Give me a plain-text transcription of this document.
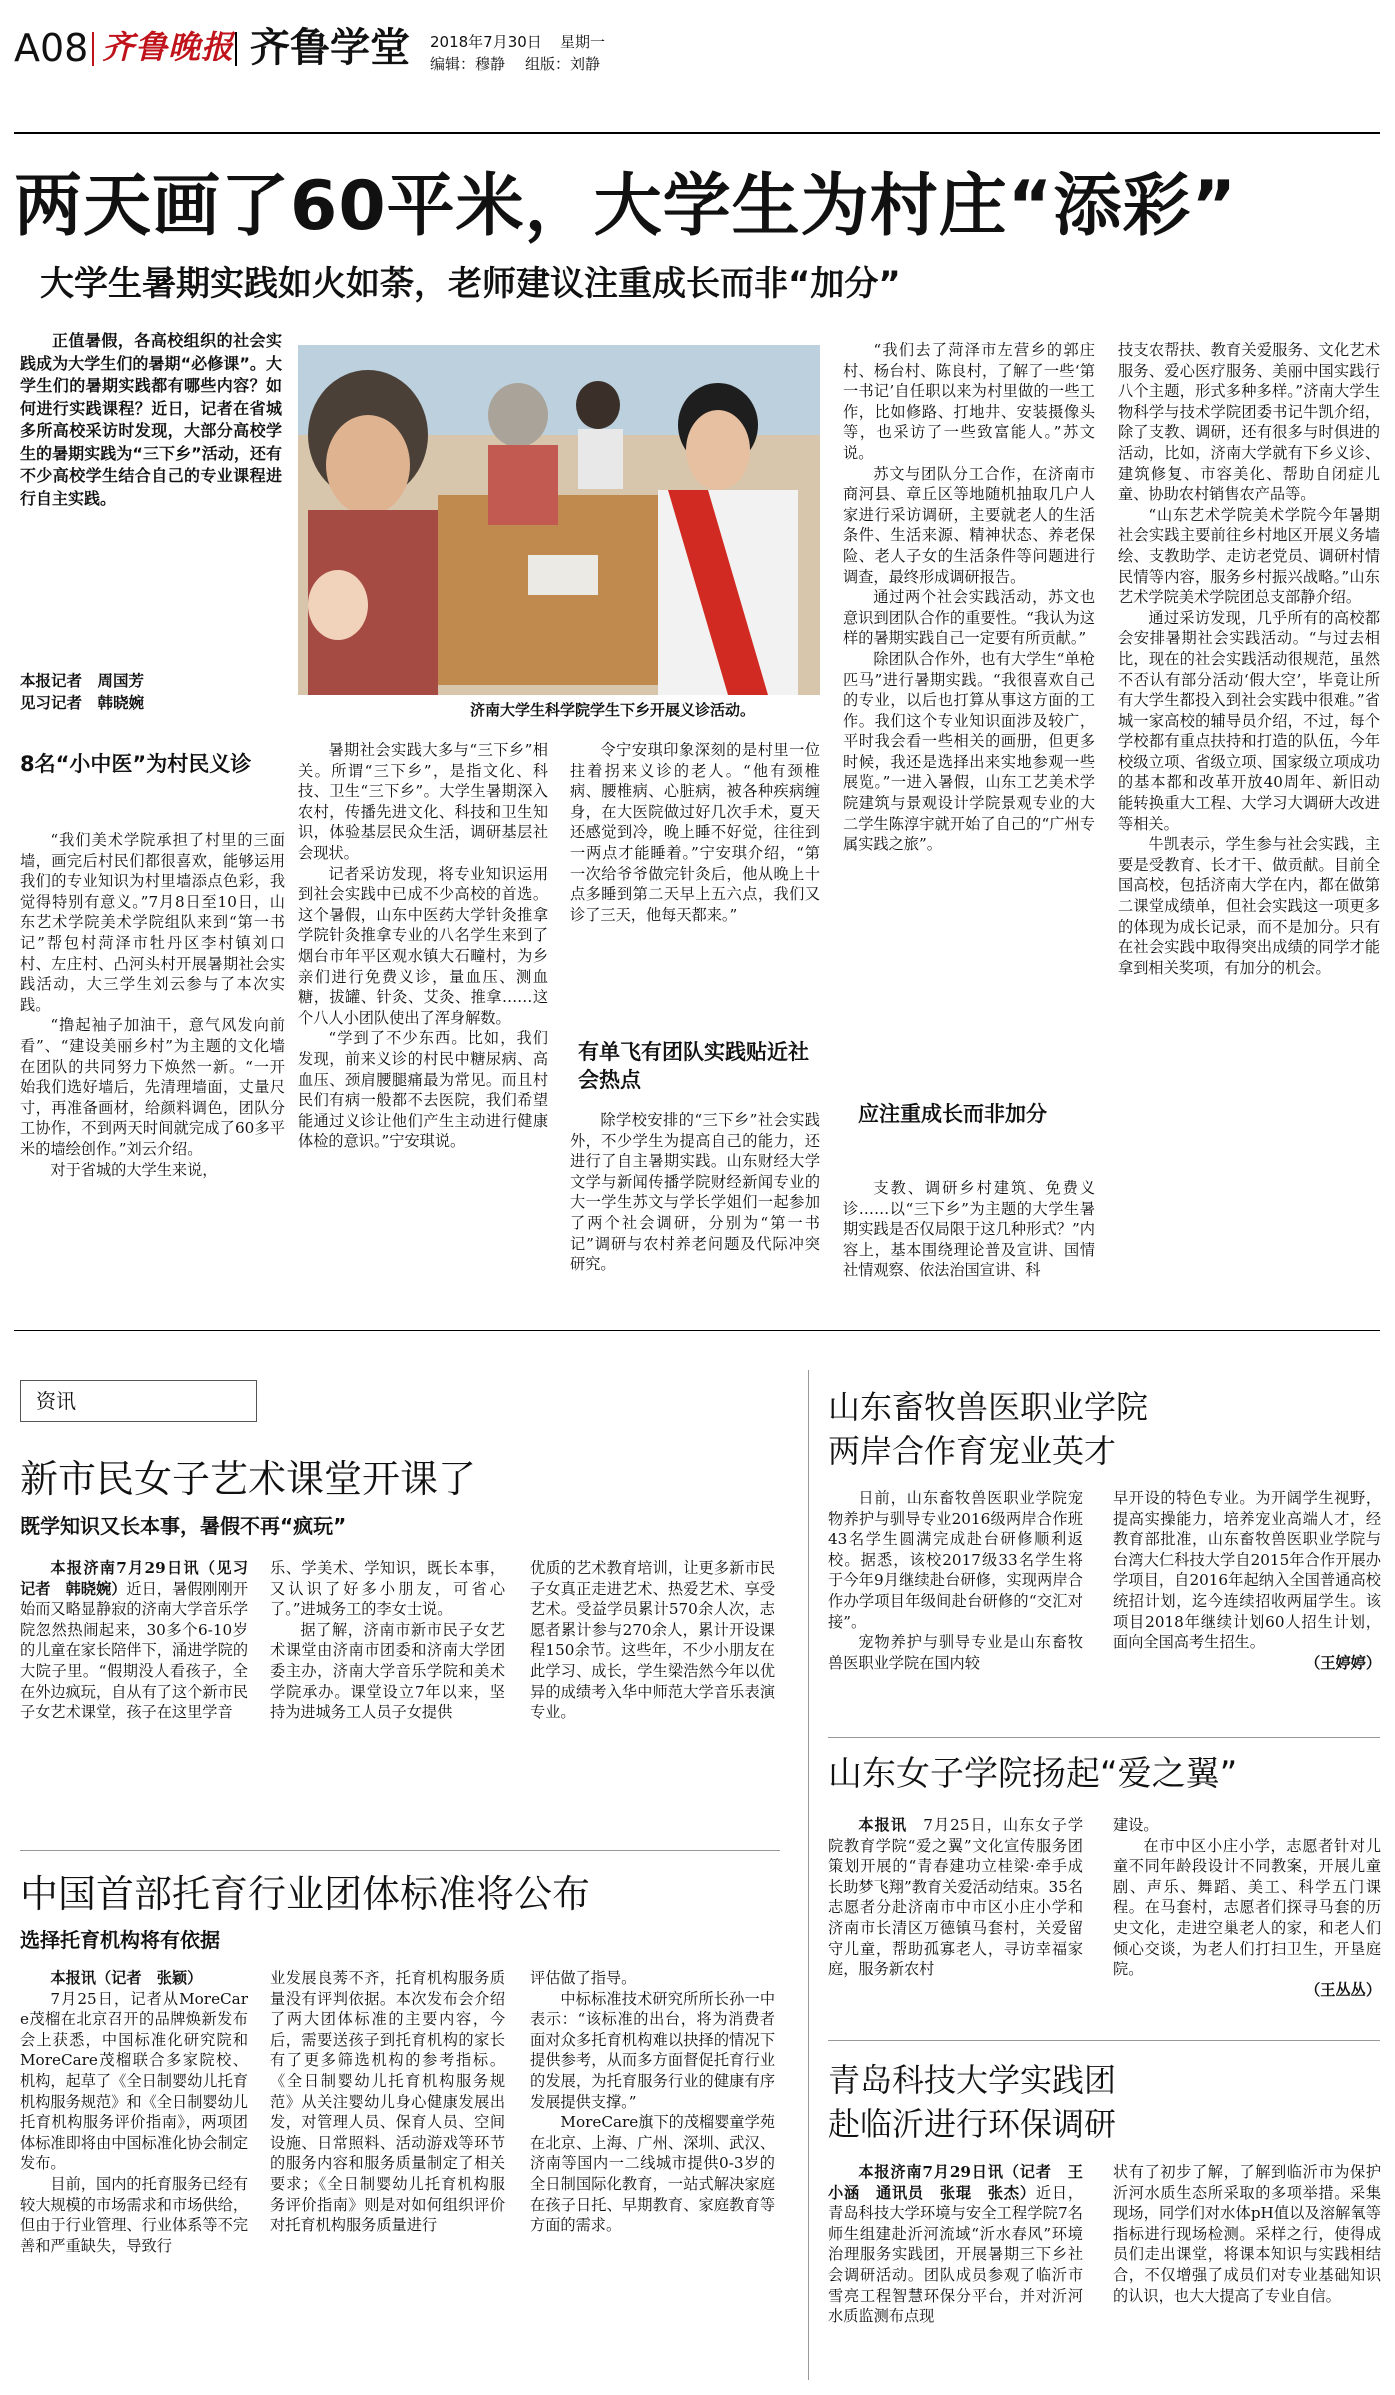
A08 齐鲁晚报 齐鲁学堂 2018年7月30日 星期一
编辑：穆静 组版：刘静
两天画了60平米，大学生为村庄“添彩”
大学生暑期实践如火如荼，老师建议注重成长而非“加分”

正值暑假，各高校组织的社会实践成为大学生们的暑期“必修课”。大学生们的暑期实践都有哪些内容？如何进行实践课程？近日，记者在省城多所高校采访时发现，大部分高校学生的暑期实践为“三下乡”活动，还有不少高校学生结合自己的专业课程进行自主实践。

本报记者　周国芳
见习记者　韩晓婉	济南大学生科学院学生下乡开展义诊活动。
8名“小中医”为村民义诊

“我们美术学院承担了村里的三面墙，画完后村民们都很喜欢，能够运用我们的专业知识为村里墙添点色彩，我觉得特别有意义。”7月8日至10日，山东艺术学院美术学院组队来到“第一书记”帮包村菏泽市牡丹区李村镇刘口村、左庄村、凸河头村开展暑期社会实践活动，大三学生刘云参与了本次实践。

“撸起袖子加油干，意气风发向前看”、“建设美丽乡村”为主题的文化墙在团队的共同努力下焕然一新。“一开始我们选好墙后，先清理墙面，丈量尺寸，再准备画材，给颜料调色，团队分工协作，不到两天时间就完成了60多平米的墙绘创作。”刘云介绍。

对于省城的大学生来说，

暑期社会实践大多与“三下乡”相关。所谓“三下乡”，是指文化、科技、卫生“三下乡”。大学生暑期深入农村，传播先进文化、科技和卫生知识，体验基层民众生活，调研基层社会现状。

记者采访发现，将专业知识运用到社会实践中已成不少高校的首选。这个暑假，山东中医药大学针灸推拿学院针灸推拿专业的八名学生来到了烟台市年平区观水镇大石疃村，为乡亲们进行免费义诊，量血压、测血糖，拔罐、针灸、艾灸、推拿……这个八人小团队使出了浑身解数。

“学到了不少东西。比如，我们发现，前来义诊的村民中糖尿病、高血压、颈肩腰腿痛最为常见。而且村民们有病一般都不去医院，我们希望能通过义诊让他们产生主动进行健康体检的意识。”宁安琪说。

令宁安琪印象深刻的是村里一位拄着拐来义诊的老人。“他有颈椎病、腰椎病、心脏病，被各种疾病缠身，在大医院做过好几次手术，夏天还感觉到冷，晚上睡不好觉，往往到一两点才能睡着。”宁安琪介绍，“第一次给爷爷做完针灸后，他从晚上十点多睡到第二天早上五六点，我们又诊了三天，他每天都来。”

有单飞有团队实践贴近社会热点

除学校安排的“三下乡”社会实践外，不少学生为提高自己的能力，还进行了自主暑期实践。山东财经大学文学与新闻传播学院财经新闻专业的大一学生苏文与学长学姐们一起参加了两个社会调研，分别为“第一书记”调研与农村养老问题及代际冲突研究。

“我们去了菏泽市左营乡的郭庄村、杨台村、陈良村，了解了一些‘第一书记’自任职以来为村里做的一些工作，比如修路、打地井、安装摄像头等，也采访了一些致富能人。”苏文说。

苏文与团队分工合作，在济南市商河县、章丘区等地随机抽取几户人家进行采访调研，主要就老人的生活条件、生活来源、精神状态、养老保险、老人子女的生活条件等问题进行调查，最终形成调研报告。

通过两个社会实践活动，苏文也意识到团队合作的重要性。“我认为这样的暑期实践自己一定要有所贡献。”

除团队合作外，也有大学生“单枪匹马”进行暑期实践。“我很喜欢自己的专业，以后也打算从事这方面的工作。我们这个专业知识面涉及较广，平时我会看一些相关的画册，但更多时候，我还是选择出来实地参观一些展览。”一进入暑假，山东工艺美术学院建筑与景观设计学院景观专业的大二学生陈淳宇就开始了自己的“广州专属实践之旅”。

应注重成长而非加分

支教、调研乡村建筑、免费义诊……以“三下乡”为主题的大学生暑期实践是否仅局限于这几种形式？”内容上，基本围绕理论普及宣讲、国情社情观察、依法治国宣讲、科

技支农帮扶、教育关爱服务、文化艺术服务、爱心医疗服务、美丽中国实践行八个主题，形式多种多样。”济南大学生物科学与技术学院团委书记牛凯介绍，除了支教、调研，还有很多与时俱进的活动，比如，济南大学就有下乡义诊、建筑修复、市容美化、帮助自闭症儿童、协助农村销售农产品等。

“山东艺术学院美术学院今年暑期社会实践主要前往乡村地区开展义务墙绘、支教助学、走访老党员、调研村情民情等内容，服务乡村振兴战略。”山东艺术学院美术学院团总支部静介绍。

通过采访发现，几乎所有的高校都会安排暑期社会实践活动。“与过去相比，现在的社会实践活动很规范，虽然不否认有部分活动‘假大空’，毕竟让所有大学生都投入到社会实践中很难。”省城一家高校的辅导员介绍，不过，每个学校都有重点扶持和打造的队伍，今年校级立项、省级立项、国家级立项成功的基本都和改革开放40周年、新旧动能转换重大工程、大学习大调研大改进等相关。

牛凯表示，学生参与社会实践，主要是受教育、长才干、做贡献。目前全国高校，包括济南大学在内，都在做第二课堂成绩单，但社会实践这一项更多的体现为成长记录，而不是加分。只有在社会实践中取得突出成绩的同学才能拿到相关奖项，有加分的机会。

资讯
新市民女子艺术课堂开课了
既学知识又长本事，暑假不再“疯玩”

本报济南7月29日讯（见习记者　韩晓婉）近日，暑假刚刚开始而又略显静寂的济南大学音乐学院忽然热闹起来，30多个6-10岁的儿童在家长陪伴下，涌进学院的大院子里。“假期没人看孩子，全在外边疯玩，自从有了这个新市民子女艺术课堂，孩子在这里学音

乐、学美术、学知识，既长本事，又认识了好多小朋友，可省心了。”进城务工的李女士说。

据了解，济南市新市民子女艺术课堂由济南市团委和济南大学团委主办，济南大学音乐学院和美术学院承办。课堂设立7年以来，坚持为进城务工人员子女提供

优质的艺术教育培训，让更多新市民子女真正走进艺术、热爱艺术、享受艺术。受益学员累计570余人次，志愿者累计参与270余人，累计开设课程150余节。这些年，不少小朋友在此学习、成长，学生梁浩然今年以优异的成绩考入华中师范大学音乐表演专业。

中国首部托育行业团体标准将公布
选择托育机构将有依据

本报讯（记者　张颖）

7月25日，记者从MoreCare茂榴在北京召开的品牌焕新发布会上获悉，中国标准化研究院和MoreCare茂榴联合多家院校、机构，起草了《全日制婴幼儿托育机构服务规范》和《全日制婴幼儿托育机构服务评价指南》，两项团体标准即将由中国标准化协会制定发布。

目前，国内的托育服务已经有较大规模的市场需求和市场供给，但由于行业管理、行业体系等不完善和严重缺失，导致行

业发展良莠不齐，托育机构服务质量没有评判依据。本次发布会介绍了两大团体标准的主要内容，今后，需要送孩子到托育机构的家长有了更多筛选机构的参考指标。《全日制婴幼儿托育机构服务规范》从关注婴幼儿身心健康发展出发，对管理人员、保育人员、空间设施、日常照料、活动游戏等环节的服务内容和服务质量制定了相关要求；《全日制婴幼儿托育机构服务评价指南》则是对如何组织评价对托育机构服务质量进行

评估做了指导。

中标标准技术研究所所长孙一中表示：“该标准的出台，将为消费者面对众多托育机构难以抉择的情况下提供参考，从而多方面督促托育行业的发展，为托育服务行业的健康有序发展提供支撑。”

MoreCare旗下的茂榴婴童学苑在北京、上海、广州、深圳、武汉、济南等国内一二线城市提供0-3岁的全日制国际化教育，一站式解决家庭在孩子日托、早期教育、家庭教育等方面的需求。

山东畜牧兽医职业学院
两岸合作育宠业英才

日前，山东畜牧兽医职业学院宠物养护与驯导专业2016级两岸合作班43名学生圆满完成赴台研修顺利返校。据悉，该校2017级33名学生将于今年9月继续赴台研修，实现两岸合作办学项目年级间赴台研修的“交汇对接”。

宠物养护与驯导专业是山东畜牧兽医职业学院在国内较

早开设的特色专业。为开阔学生视野，提高实操能力，培养宠业高端人才，经教育部批准，山东畜牧兽医职业学院与台湾大仁科技大学自2015年合作开展办学项目，自2016年起纳入全国普通高校统招计划，迄今连续招收两届学生。该项目2018年继续计划60人招生计划，面向全国高考生招生。

（王婷婷）
山东女子学院扬起“爱之翼”

本报讯　 7月25日，山东女子学院教育学院“爱之翼”文化宣传服务团策划开展的“青春建功立桂梁·牵手成长助梦飞翔”教育关爱活动结束。35名志愿者分赴济南市中市区小庄小学和济南市长清区万德镇马套村，关爱留守儿童，帮助孤寡老人，寻访幸福家庭，服务新农村

建设。

在市中区小庄小学，志愿者针对儿童不同年龄段设计不同教案，开展儿童剧、声乐、舞蹈、美工、科学五门课程。在马套村，志愿者们探寻马套的历史文化，走进空巢老人的家，和老人们倾心交谈，为老人们打扫卫生，开垦庭院。

（王丛丛）
青岛科技大学实践团
赴临沂进行环保调研

本报济南7月29日讯（记者　王小涵　通讯员　张琨　张杰）近日，青岛科技大学环境与安全工程学院7名师生组建赴沂河流域“沂水春风”环境治理服务实践团，开展暑期三下乡社会调研活动。团队成员参观了临沂市雪亮工程智慧环保分平台，并对沂河水质监测布点现

状有了初步了解，了解到临沂市为保护沂河水质生态所采取的多项举措。采集现场，同学们对水体pH值以及溶解氧等指标进行现场检测。采样之行，使得成员们走出课堂，将课本知识与实践相结合，不仅增强了成员们对专业基础知识的认识，也大大提高了专业自信。
